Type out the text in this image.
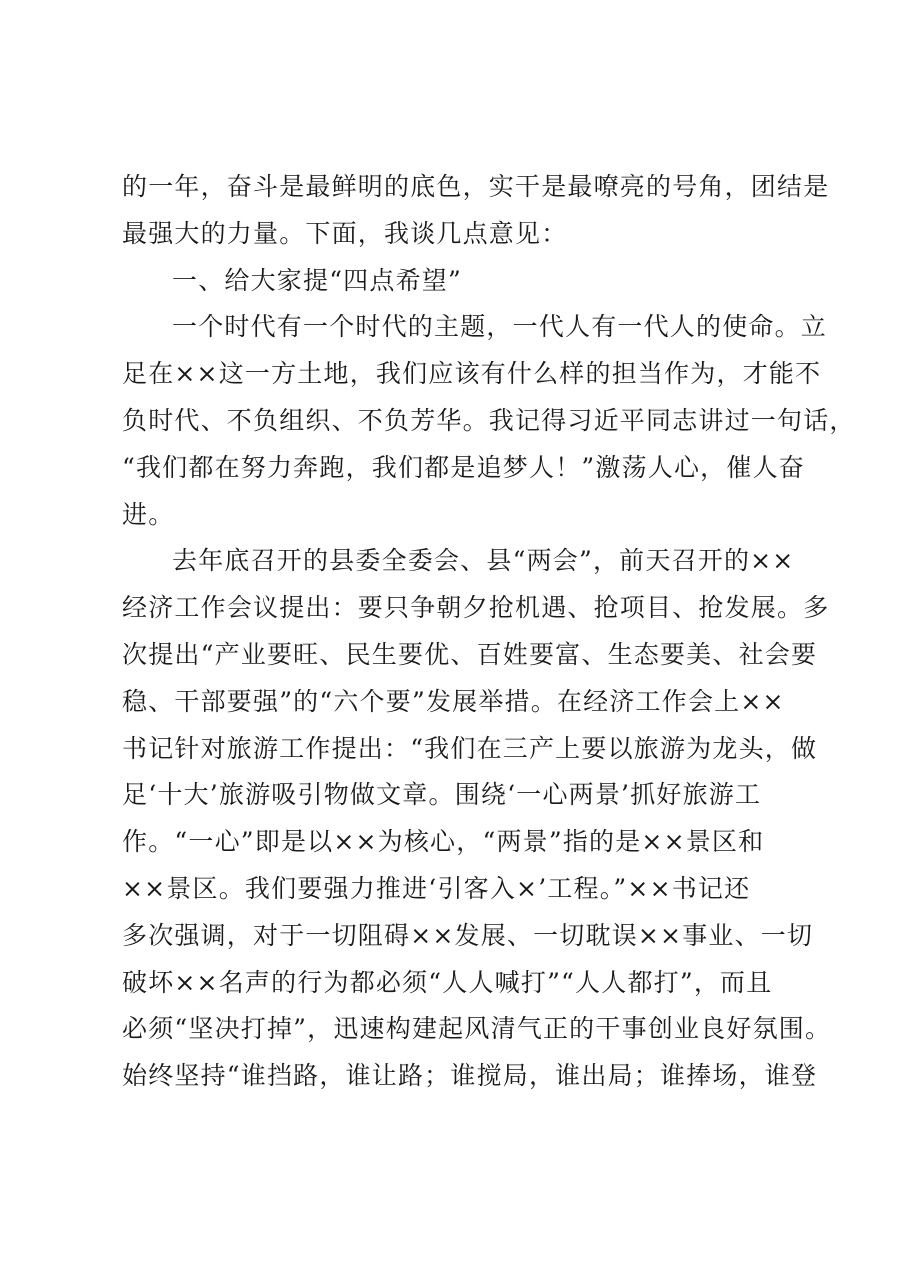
的一年，奋斗是最鲜明的底色，实干是最嘹亮的号角，团结是
最强大的力量。下面，我谈几点意见：
一、给大家提“四点希望”
一个时代有一个时代的主题，一代人有一代人的使命。立
足在××这一方土地，我们应该有什么样的担当作为，才能不
负时代、不负组织、不负芳华。我记得习近平同志讲过一句话，
“我们都在努力奔跑，我们都是追梦人！”激荡人心，催人奋
进。
去年底召开的县委全委会、县“两会”，前天召开的××
经济工作会议提出：要只争朝夕抢机遇、抢项目、抢发展。多
次提出“产业要旺、民生要优、百姓要富、生态要美、社会要
稳、干部要强”的“六个要”发展举措。在经济工作会上××
书记针对旅游工作提出：“我们在三产上要以旅游为龙头，做
足‘十大’旅游吸引物做文章。围绕‘一心两景’抓好旅游工
作。“一心”即是以××为核心，“两景”指的是××景区和
××景区。我们要强力推进‘引客入×’工程。”××书记还
多次强调，对于一切阻碍××发展、一切耽误××事业、一切
破坏××名声的行为都必须“人人喊打”“人人都打”，而且
必须“坚决打掉”，迅速构建起风清气正的干事创业良好氛围。
始终坚持“谁挡路，谁让路；谁搅局，谁出局；谁捧场，谁登
